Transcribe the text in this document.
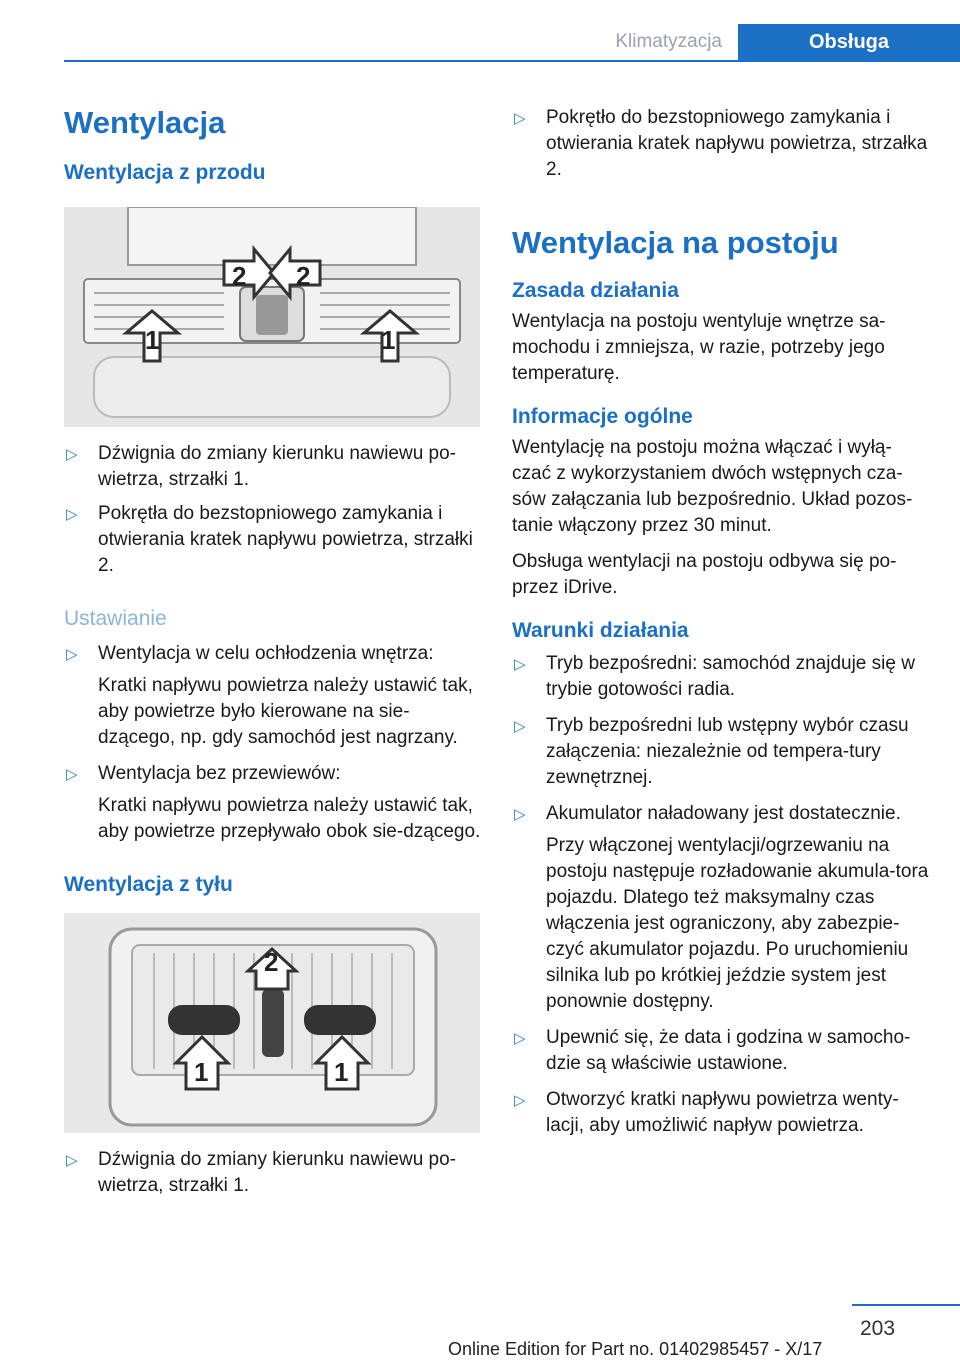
Klimatyzacja	Obsługa
Wentylacja
Wentylacja z przodu
1	1
2 2
▷ Dźwignia do zmiany kierunku nawiewu po-wietrza, strzałki 1.
▷ Pokrętła do bezstopniowego zamykania i otwierania kratek napływu powietrza, strzałki 2.
Ustawianie
▷ Wentylacja w celu ochłodzenia wnętrza:
Kratki napływu powietrza należy ustawić tak, aby powietrze było kierowane na sie-dzącego, np. gdy samochód jest nagrzany.
▷ Wentylacja bez przewiewów:
Kratki napływu powietrza należy ustawić tak, aby powietrze przepływało obok sie-dzącego.
Wentylacja z tyłu
2
1	1
▷ Dźwignia do zmiany kierunku nawiewu po-wietrza, strzałki 1.
▷ Pokrętło do bezstopniowego zamykania i otwierania kratek napływu powietrza, strzałka 2.
Wentylacja na postoju
Zasada działania

Wentylacja na postoju wentyluje wnętrze sa-mochodu i zmniejsza, w razie, potrzeby jego temperaturę.

Informacje ogólne

Wentylację na postoju można włączać i wyłą-czać z wykorzystaniem dwóch wstępnych cza-sów załączania lub bezpośrednio. Układ pozos-tanie włączony przez 30 minut.

Obsługa wentylacji na postoju odbywa się po-przez iDrive.

Warunki działania
▷ Tryb bezpośredni: samochód znajduje się w trybie gotowości radia.
▷ Tryb bezpośredni lub wstępny wybór czasu załączenia: niezależnie od tempera-tury zewnętrznej.
▷ Akumulator naładowany jest dostatecznie.
Przy włączonej wentylacji/ogrzewaniu na postoju następuje rozładowanie akumula-tora pojazdu. Dlatego też maksymalny czas włączenia jest ograniczony, aby zabezpie-czyć akumulator pojazdu. Po uruchomieniu silnika lub po krótkiej jeździe system jest ponownie dostępny.
▷ Upewnić się, że data i godzina w samocho-dzie są właściwie ustawione.
▷ Otworzyć kratki napływu powietrza wenty-lacji, aby umożliwić napływ powietrza.
203
Online Edition for Part no. 01402985457 - X/17
